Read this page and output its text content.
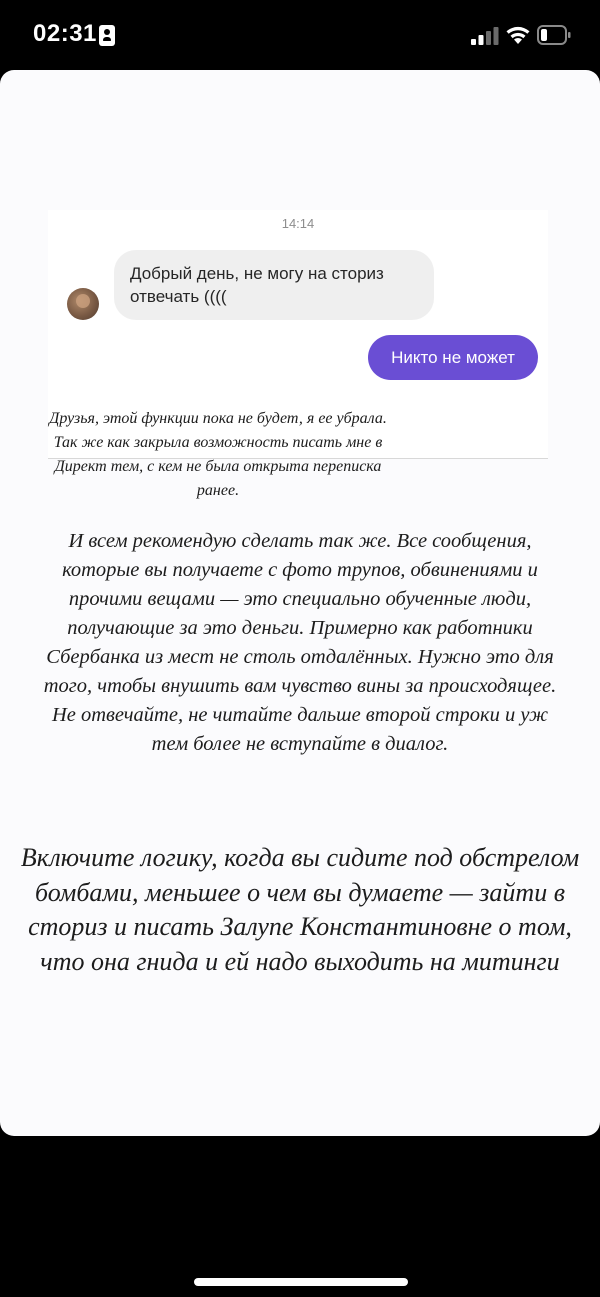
02:31
14:14
Добрый день, не могу на сториз отвечать ((((
Никто не может
Друзья, этой функции пока не будет, я ее убрала. Так же как закрыла возможность писать мне в Директ тем, с кем не была открыта переписка ранее.
И всем рекомендую сделать так же. Все сообщения, которые вы получаете с фото трупов, обвинениями и прочими вещами — это специально обученные люди, получающие за это деньги. Примерно как работники Сбербанка из мест не столь отдалённых. Нужно это для того, чтобы внушить вам чувство вины за происходящее. Не отвечайте, не читайте дальше второй строки и уж тем более не вступайте в диалог.
Включите логику, когда вы сидите под обстрелом бомбами, меньшее о чем вы думаете — зайти в сториз и писать Залупе Константиновне о том, что она гнида и ей надо выходить на митинги
